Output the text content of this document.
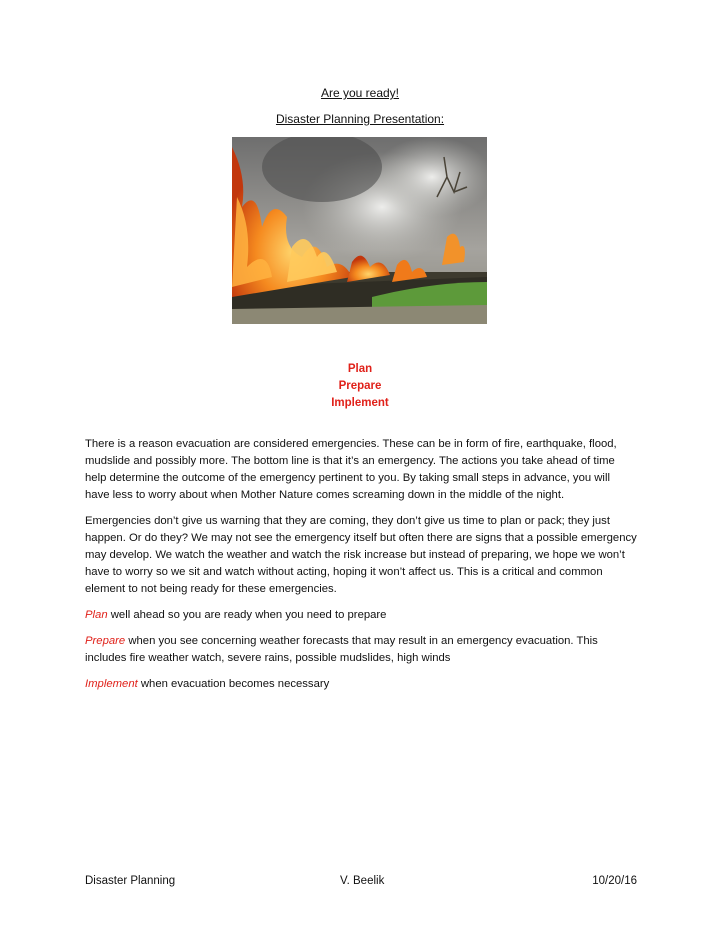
Are you ready!
Disaster Planning Presentation:
Plan
Prepare
Implement

There is a reason evacuation are considered emergencies. These can be in form of fire, earthquake, flood, mudslide and possibly more. The bottom line is that it’s an emergency. The actions you take ahead of time help determine the outcome of the emergency pertinent to you. By taking small steps in advance, you will have less to worry about when Mother Nature comes screaming down in the middle of the night.

Emergencies don’t give us warning that they are coming, they don’t give us time to plan or pack; they just happen. Or do they? We may not see the emergency itself but often there are signs that a possible emergency may develop. We watch the weather and watch the risk increase but instead of preparing, we hope we won’t have to worry so we sit and watch without acting, hoping it won’t affect us. This is a critical and common element to not being ready for these emergencies.

Plan well ahead so you are ready when you need to prepare

Prepare when you see concerning weather forecasts that may result in an emergency evacuation. This includes fire weather watch, severe rains, possible mudslides, high winds

Implement when evacuation becomes necessary

Disaster Planning	V. Beelik	10/20/16
